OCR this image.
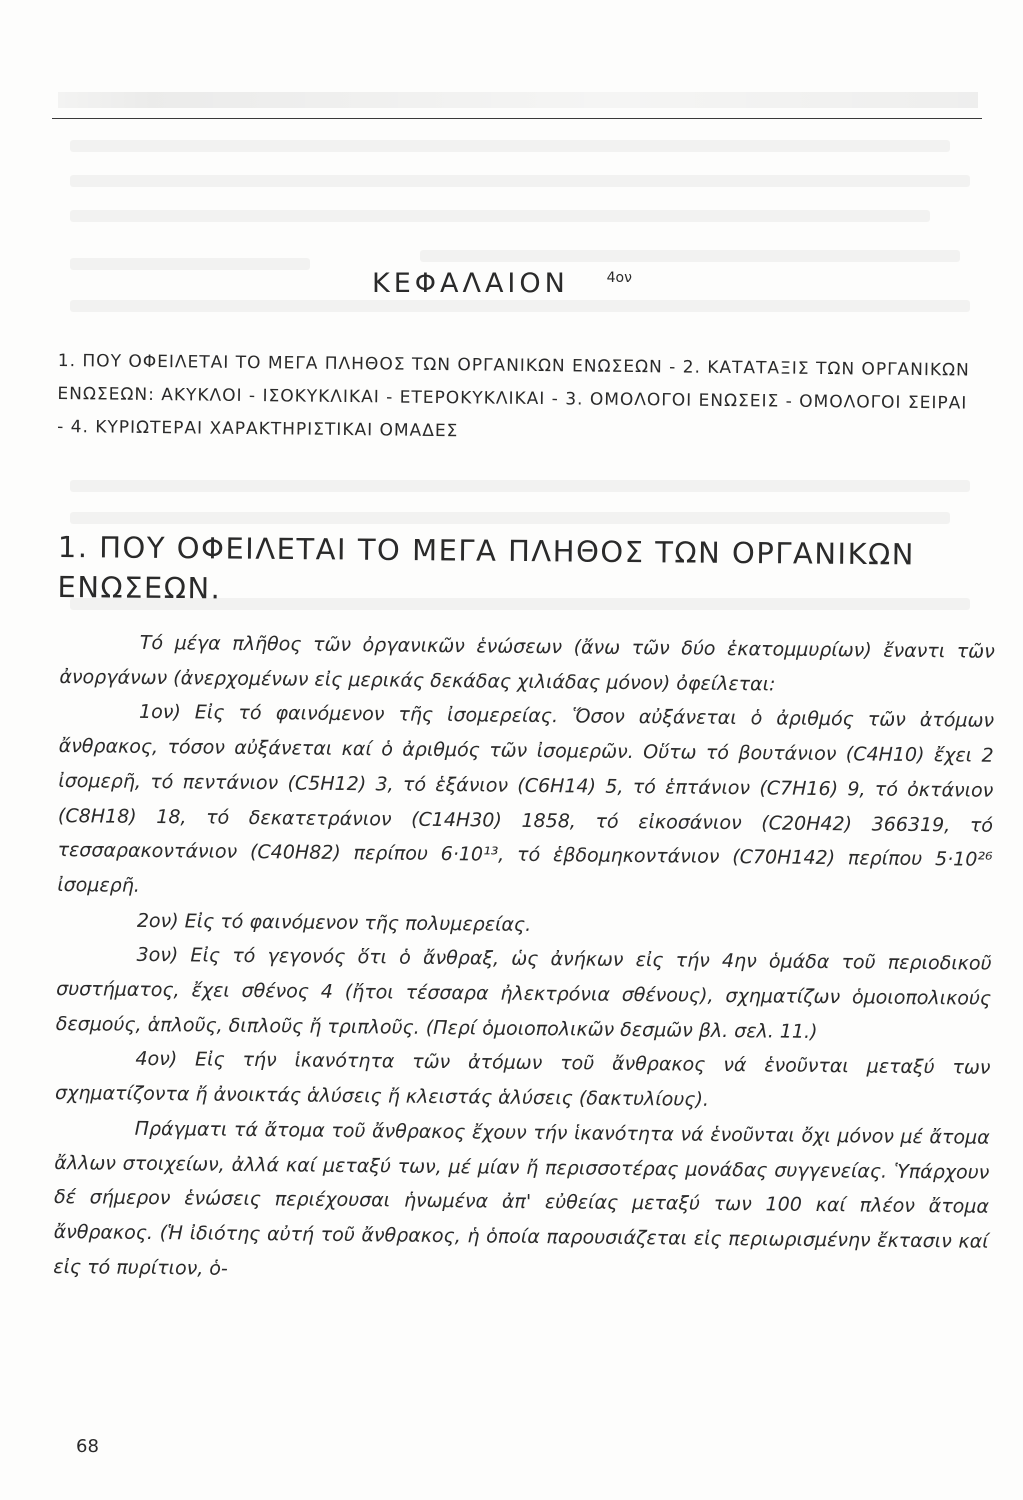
ΚΕΦΑΛΑΙΟΝ	$^{4o\nu}$
1. ΠΟΥ ΟΦΕΙΛΕΤΑΙ ΤΟ ΜΕΓΑ ΠΛΗΘΟΣ ΤΩΝ ΟΡΓΑΝΙΚΩΝ ΕΝΩΣΕΩΝ - 2. ΚΑΤΑΤΑΞΙΣ ΤΩΝ ΟΡΓΑΝΙΚΩΝ ΕΝΩΣΕΩΝ: ΑΚΥΚΛΟΙ - ΙΣΟΚΥΚΛΙΚΑΙ - ΕΤΕΡΟΚΥΚΛΙΚΑΙ - 3. ΟΜΟΛΟΓΟΙ ΕΝΩΣΕΙΣ - ΟΜΟΛΟΓΟΙ ΣΕΙΡΑΙ - 4. ΚΥΡΙΩΤΕΡΑΙ ΧΑΡΑΚΤΗΡΙΣΤΙΚΑΙ ΟΜΑΔΕΣ
1. ΠΟΥ ΟΦΕΙΛΕΤΑΙ ΤΟ ΜΕΓΑ ΠΛΗΘΟΣ ΤΩΝ ΟΡΓΑΝΙΚΩΝ ΕΝΩΣΕΩΝ.

Τό μέγα πλῆθος τῶν ὀργανικῶν ἑνώσεων (ἄνω τῶν δύο ἑκατομμυρίων) ἔναντι τῶν ἀνοργάνων (ἀνερχομένων εἰς μερικάς δεκάδας χιλιάδας μόνον) ὀφείλεται:

1ον) Εἰς τό φαινόμενον τῆς ἰσομερείας. Ὅσον αὐξάνεται ὁ ἀριθμός τῶν ἀτόμων ἄνθρακος, τόσον αὐξάνεται καί ὁ ἀριθμός τῶν ἰσομερῶν. Οὕτω τό βουτάνιον (C4H10) ἔχει 2 ἰσομερῆ, τό πεντάνιον (C5H12) 3, τό ἑξάνιον (C6H14) 5, τό ἑπτάνιον (C7H16) 9, τό ὀκτάνιον (C8H18) 18, τό δεκατετράνιον (C14H30) 1858, τό εἰκοσάνιον (C20H42) 366319, τό τεσσαρακοντάνιον (C40H82) περίπου 6·10¹³, τό ἑβδομηκοντάνιον (C70H142) περίπου 5·10²⁶ ἰσομερῆ.

2ον) Εἰς τό φαινόμενον τῆς πολυμερείας.

3ον) Εἰς τό γεγονός ὅτι ὁ ἄνθραξ, ὡς ἀνήκων εἰς τήν 4ην ὁμάδα τοῦ περιοδικοῦ συστήματος, ἔχει σθένος 4 (ἤτοι τέσσαρα ἠλεκτρόνια σθένους), σχηματίζων ὁμοιοπολικούς δεσμούς, ἁπλοῦς, διπλοῦς ἤ τριπλοῦς. (Περί ὁμοιοπολικῶν δεσμῶν βλ. σελ. 11.)

4ον) Εἰς τήν ἱκανότητα τῶν ἀτόμων τοῦ ἄνθρακος νά ἑνοῦνται μεταξύ των σχηματίζοντα ἤ ἀνοικτάς ἁλύσεις ἤ κλειστάς ἁλύσεις (δακτυλίους).

Πράγματι τά ἄτομα τοῦ ἄνθρακος ἔχουν τήν ἱκανότητα νά ἑνοῦνται ὄχι μόνον μέ ἄτομα ἄλλων στοιχείων, ἀλλά καί μεταξύ των, μέ μίαν ἤ περισσοτέρας μονάδας συγγενείας. Ὑπάρχουν δέ σήμερον ἑνώσεις περιέχουσαι ἡνωμένα ἀπ' εὐθείας μεταξύ των 100 καί πλέον ἄτομα ἄνθρακος. (Ἡ ἰδιότης αὐτή τοῦ ἄνθρακος, ἡ ὁποία παρουσιάζεται εἰς περιωρισμένην ἔκτασιν καί εἰς τό πυρίτιον, ὁ-

68
